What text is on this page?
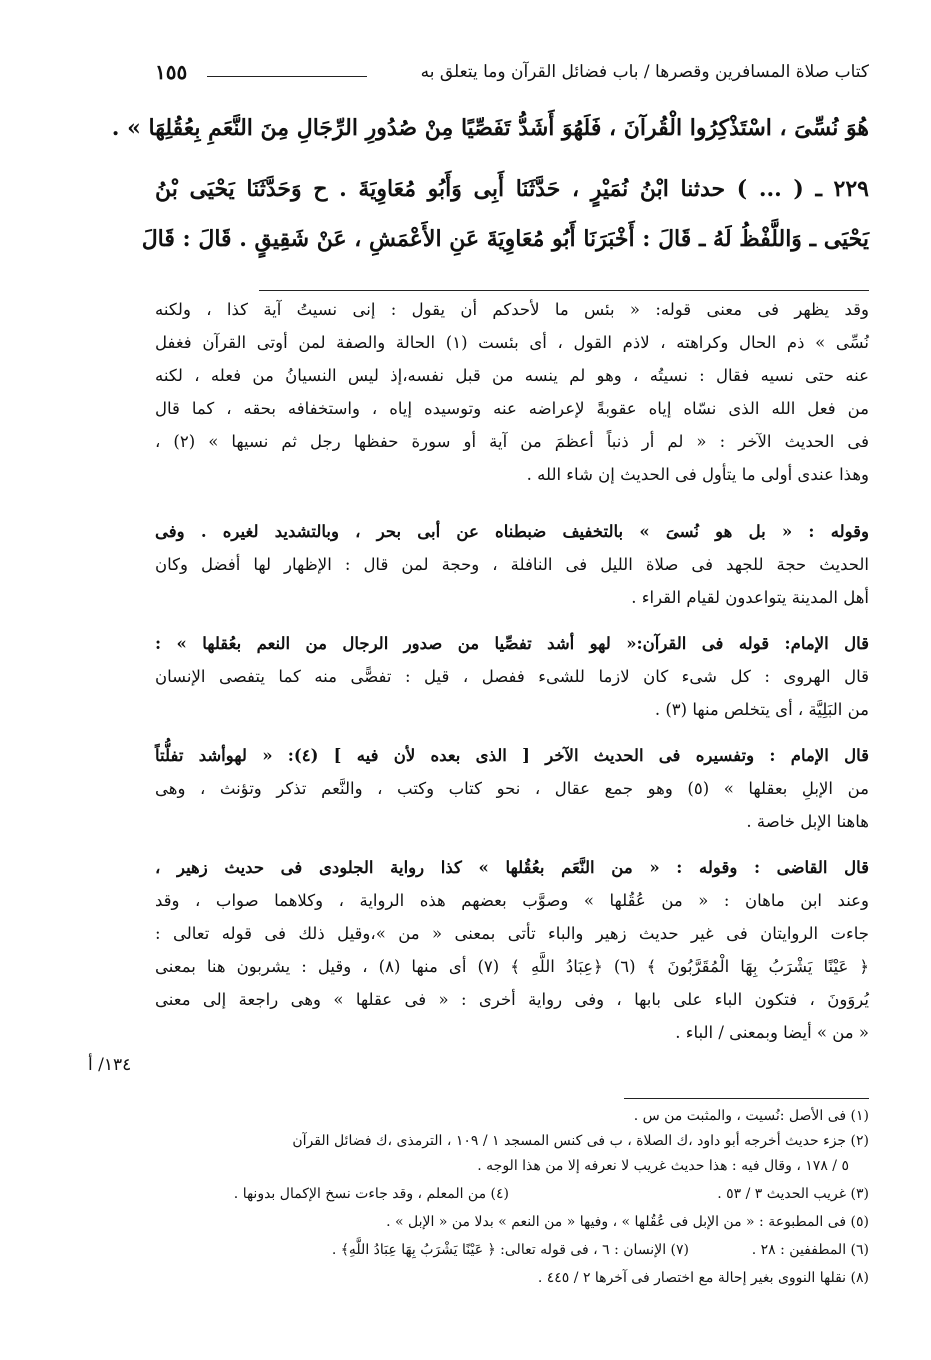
كتاب صلاة المسافرين وقصرها / باب فضائل القرآن وما يتعلق به
١٥٥
هُوَ نُسِّىَ ، اسْتَذْكِرُوا الْقُرآنَ ، فَلَهُوَ أَشَدُّ تَفَصِّيًا مِنْ صُدُورِ الرِّجَالِ مِنَ النَّعَمِ بِعُقُلِهَا » .
٢٢٩ ـ ( ... ) حدثنا ابْنُ نُمَيْرٍ ، حَدَّثَنَا أَبِى وَأَبُو مُعَاوِيَةَ . ح وَحَدَّثَنَا يَحْيَى بْنُ
يَحْيَى ـ وَاللَّفْظُ لَهُ ـ قَالَ : أَخْبَرَنَا أَبُو مُعَاوِيَةَ عَنِ الأَعْمَشِ ، عَنْ شَقِيقٍ . قَالَ : قَالَ
وقد يظهر فى معنى قوله: « بئس ما لأحدكم أن يقول : إنى نسيتُ آية كذا ، ولكنه
نُسِّى » ذم الحال وكراهته ، لاذم القول ، أى بئست (١) الحالة والصفة لمن أوتى القرآن فغفل
عنه حتى نسيه فقال : نسيتُه ، وهو لم ينسه من قبل نفسه،إذ ليس النسيانُ من فعله ، لكنه
من فعل الله الذى نسّاه إياه عقوبةً لإعراضه عنه وتوسيده إياه ، واستخفافه بحقه ، كما قال
فى الحديث الآخر : « لم أر ذنباً أعظمَ من آية أو سورة حفظها رجل ثم نسيها » (٢) ،
وهذا عندى أولى ما يتأول فى الحديث إن شاء الله .
وقوله : « بل هو نُسىَ » بالتخفيف ضبطناه عن أبى بحر ، وبالتشديد لغيره . وفى
الحديث حجة للجهد فى صلاة الليل فى النافلة ، وحجة لمن قال : الإظهار لها أفضل وكان
أهل المدينة يتواعدون لقيام القراء .
قال الإمام: قوله فى القرآن:« لهو أشد تفصِّيا من صدور الرجال من النعم بعُقلها » :
قال الهروى : كل شىء كان لازما للشىء ففصل ، قيل : تفصًّى منه كما يتفصى الإنسان
من البَلِيَّة ، أى يتخلص منها (٣) .
قال الإمام : وتفسيره فى الحديث الآخر [ الذى بعده لأن فيه ] (٤): « لهوأشد تفلُّتاً
من الإبلِ بعقلها » (٥) وهو جمع عقال ، نحو كتاب وكتب ، والنَّعم تذكر وتؤنث ، وهى
هاهنا الإبل خاصة .
قال القاضى : وقوله : « من النَّعَم بعُقُلها » كذا رواية الجلودى فى حديث زهير ،
وعند ابن ماهان : « من عُقُلها » وصوَّب بعضهم هذه الرواية ، وكلاهما صواب ، وقد
جاءت الروايتان فى غير حديث زهير والباء تأتى بمعنى « من »،وقيل ذلك فى قوله تعالى :
﴿ عَيْنًا يَشْرَبُ بِهَا الْمُقَرَّبُونَ ﴾ (٦) ﴿عِبَادُ اللَّهِ ﴾ (٧) أى منها (٨) ، وقيل : يشربون هنا بمعنى
يُروَونَ ، فتكون الباء على بابها ، وفى رواية أخرى : « فى عقلها » وهى راجعة إلى معنى
« من » أيضا وبمعنى / الباء .
١٣٤/ أ
(١) فى الأصل :نُسيت ، والمثبت من س .
(٢) جزء حديث أخرجه أبو داود ،ك الصلاة ، ب فى كنس المسجد ١ / ١٠٩ ، الترمذى ،ك فضائل القرآن
٥ / ١٧٨ ، وقال فيه : هذا حديث غريب لا نعرفه إلا من هذا الوجه .
(٣) غريب الحديث ٣ / ٥٣ .
(٤) من المعلم ، وقد جاءت نسخ الإكمال بدونها .
(٥) فى المطبوعة : « من الإبل فى عُقُلها » ، وفيها « من النعم » بدلا من « الإبل » .
(٦) المطففين : ٢٨ .
(٧) الإنسان : ٦ ، فى قوله تعالى: ﴿ عَيْنًا يَشْرَبُ بِهَا عِبَادُ اللَّهِ﴾ .
(٨) نقلها النووى بغير إحالة مع اختصار فى آخرها ٢ / ٤٤٥ .
